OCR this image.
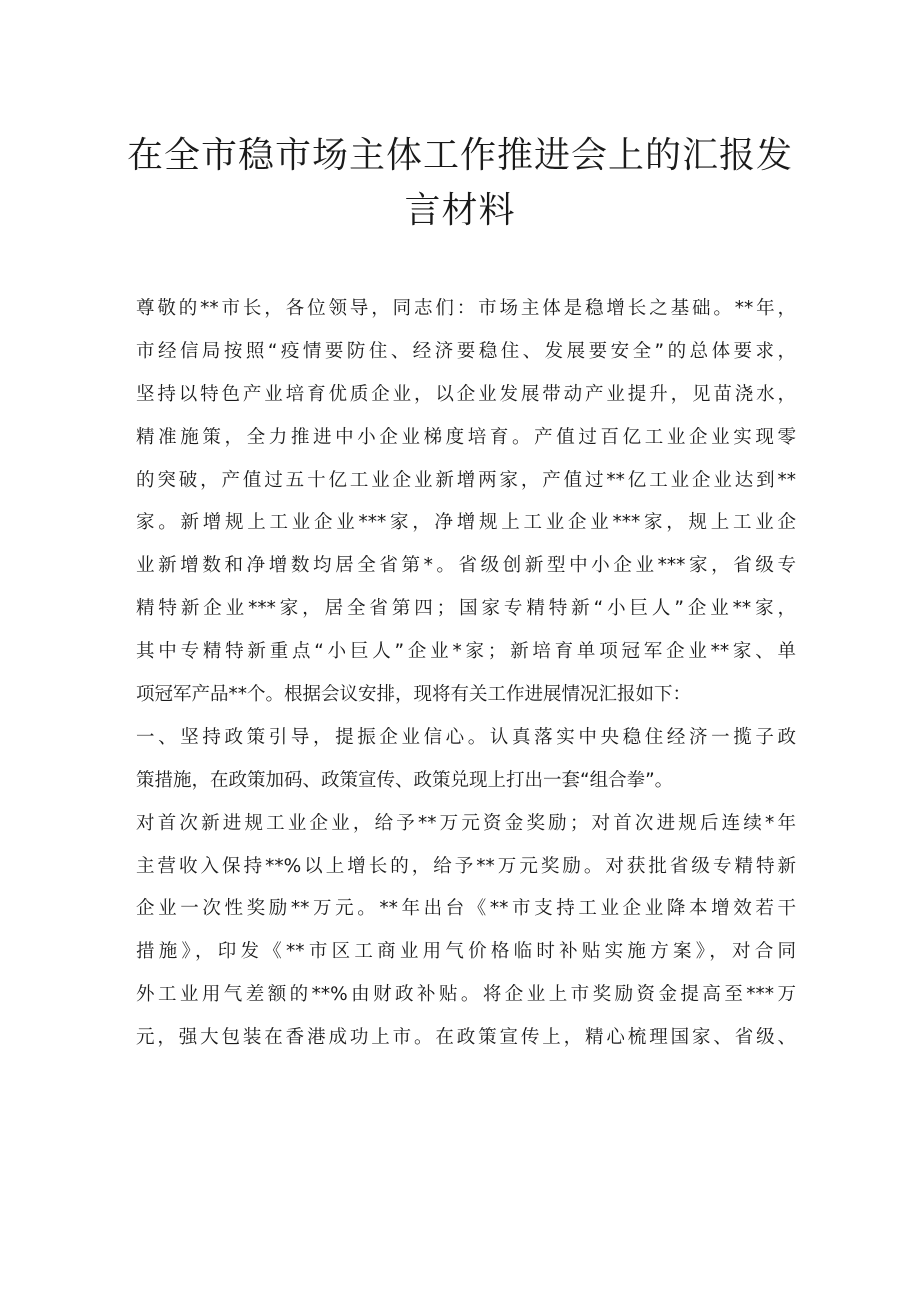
在全市稳市场主体工作推进会上的汇报发
言材料
尊敬的**市长，各位领导，同志们：市场主体是稳增长之基础。**年，
市经信局按照“疫情要防住、经济要稳住、发展要安全”的总体要求，
坚持以特色产业培育优质企业，以企业发展带动产业提升，见苗浇水，
精准施策，全力推进中小企业梯度培育。产值过百亿工业企业实现零
的突破，产值过五十亿工业企业新增两家，产值过**亿工业企业达到**
家。新增规上工业企业***家，净增规上工业企业***家，规上工业企
业新增数和净增数均居全省第*。省级创新型中小企业***家，省级专
精特新企业***家，居全省第四；国家专精特新“小巨人”企业**家，
其中专精特新重点“小巨人”企业*家；新培育单项冠军企业**家、单
项冠军产品**个。根据会议安排，现将有关工作进展情况汇报如下：
一、坚持政策引导，提振企业信心。认真落实中央稳住经济一揽子政
策措施，在政策加码、政策宣传、政策兑现上打出一套“组合拳”。
对首次新进规工业企业，给予**万元资金奖励；对首次进规后连续*年
主营收入保持**%以上增长的，给予**万元奖励。对获批省级专精特新
企业一次性奖励**万元。**年出台《**市支持工业企业降本增效若干
措施》，印发《**市区工商业用气价格临时补贴实施方案》，对合同
外工业用气差额的**%由财政补贴。将企业上市奖励资金提高至***万
元，强大包装在香港成功上市。在政策宣传上，精心梳理国家、省级、
